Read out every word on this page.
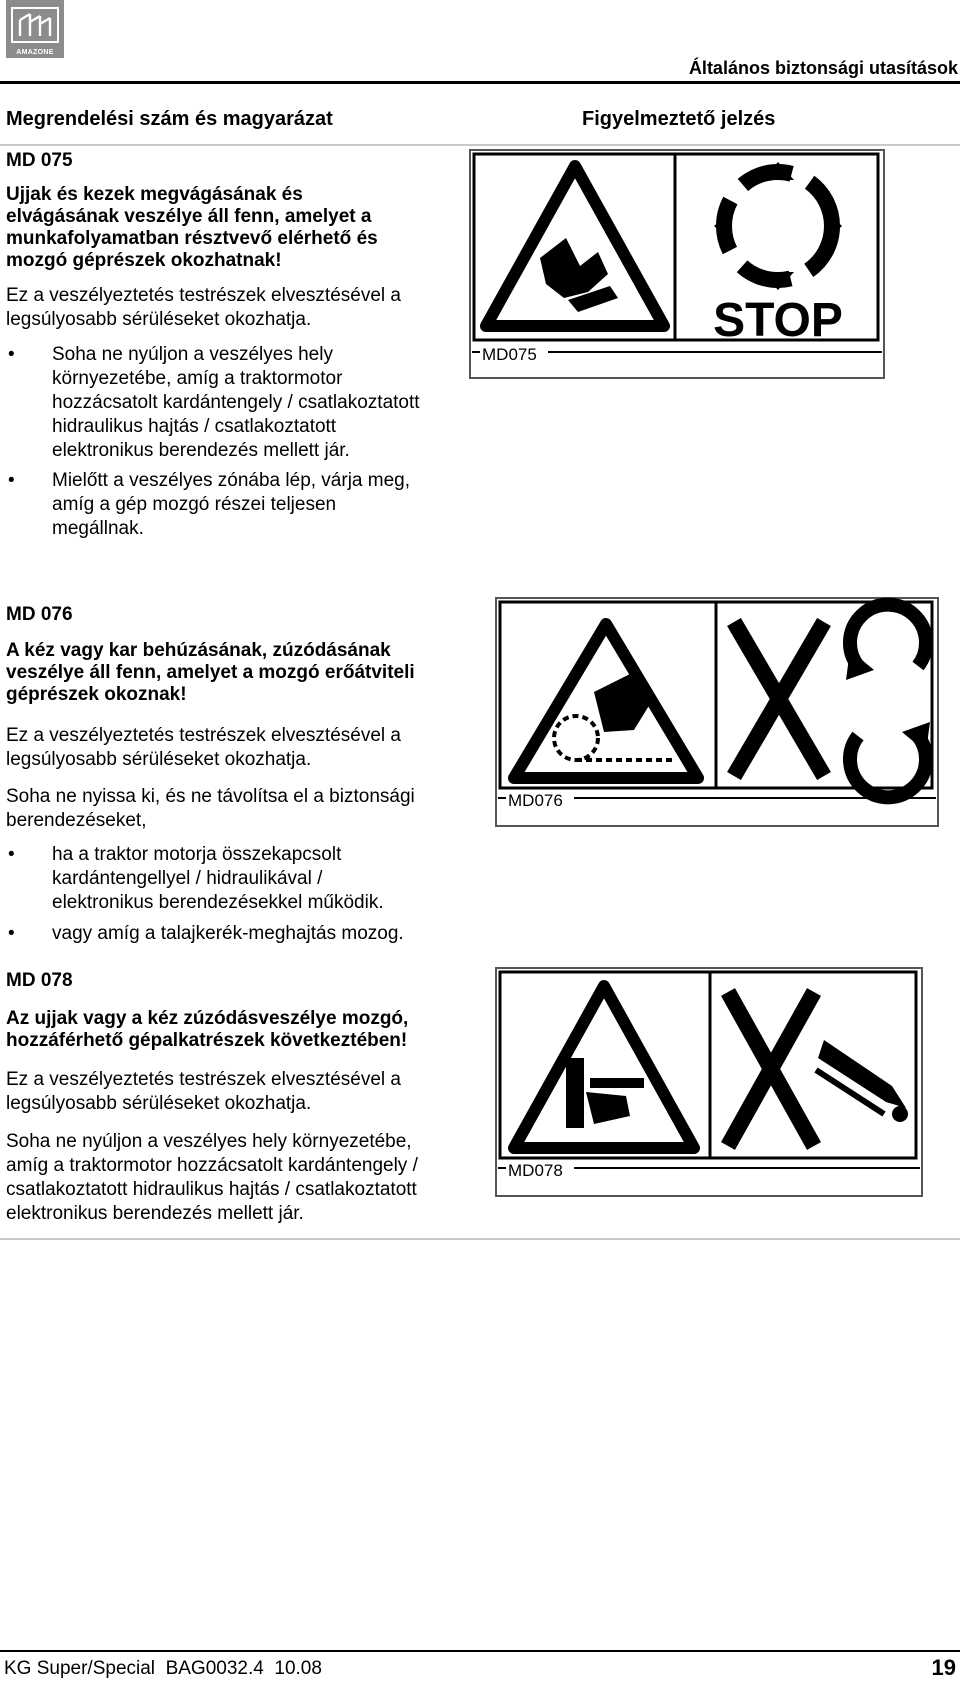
AMAZONE
Általános biztonsági utasítások
Megrendelési szám és magyarázat	Figyelmeztető jelzés
MD 075
Ujjak és kezek megvágásának és
elvágásának veszélye áll fenn, amelyet a
munkafolyamatban résztvevő elérhető és
mozgó géprészek okozhatnak!
Ez a veszélyeztetés testrészek elvesztésével a
legsúlyosabb sérüléseket okozhatja.
• Soha ne nyúljon a veszélyes hely
környezetébe, amíg a traktormotor
hozzácsatolt kardántengely / csatlakoztatott
hidraulikus hajtás / csatlakoztatott
elektronikus berendezés mellett jár.
• Mielőtt a veszélyes zónába lép, várja meg,
amíg a gép mozgó részei teljesen
megállnak.
STOP
MD075
MD 076
A kéz vagy kar behúzásának, zúzódásának
veszélye áll fenn, amelyet a mozgó erőátviteli
géprészek okoznak!
Ez a veszélyeztetés testrészek elvesztésével a
legsúlyosabb sérüléseket okozhatja.
Soha ne nyissa ki, és ne távolítsa el a biztonsági
berendezéseket,
• ha a traktor motorja összekapcsolt
kardántengellyel / hidraulikával /
elektronikus berendezésekkel működik.
• vagy amíg a talajkerék-meghajtás mozog.
MD076
MD 078
Az ujjak vagy a kéz zúzódásveszélye mozgó,
hozzáférhető gépalkatrészek következtében!
Ez a veszélyeztetés testrészek elvesztésével a
legsúlyosabb sérüléseket okozhatja.
Soha ne nyúljon a veszélyes hely környezetébe,
amíg a traktormotor hozzácsatolt kardántengely /
csatlakoztatott hidraulikus hajtás / csatlakoztatott
elektronikus berendezés mellett jár.
MD078
KG Super/Special  BAG0032.4  10.08	19
